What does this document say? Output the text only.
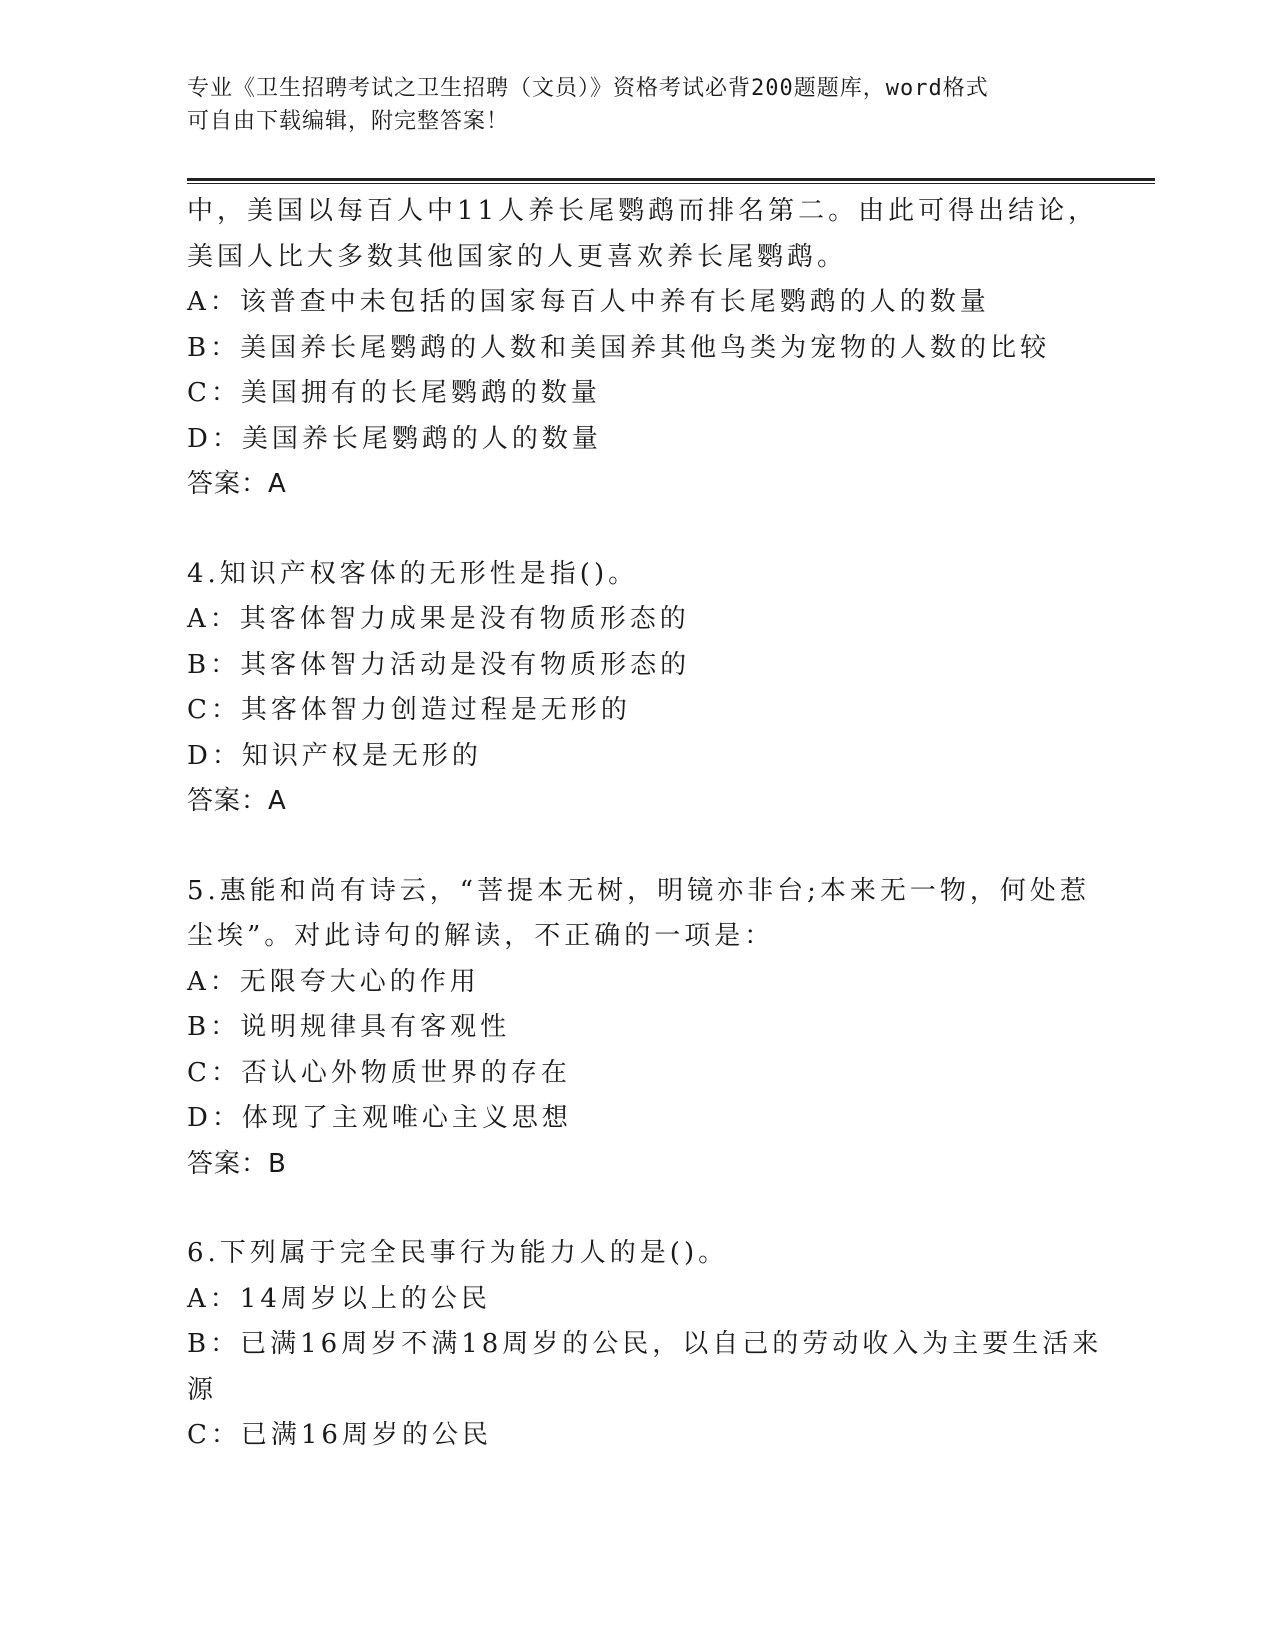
专业《卫生招聘考试之卫生招聘（文员）》资格考试必背200题题库，word格式
可自由下载编辑，附完整答案！
中，美国以每百人中11人养长尾鹦鹉而排名第二。由此可得出结论，
美国人比大多数其他国家的人更喜欢养长尾鹦鹉。
A：该普查中未包括的国家每百人中养有长尾鹦鹉的人的数量
B：美国养长尾鹦鹉的人数和美国养其他鸟类为宠物的人数的比较
C：美国拥有的长尾鹦鹉的数量
D：美国养长尾鹦鹉的人的数量
答案：A
4.知识产权客体的无形性是指()。
A：其客体智力成果是没有物质形态的
B：其客体智力活动是没有物质形态的
C：其客体智力创造过程是无形的
D：知识产权是无形的
答案：A
5.惠能和尚有诗云，“菩提本无树，明镜亦非台;本来无一物，何处惹
尘埃”。对此诗句的解读，不正确的一项是：
A：无限夸大心的作用
B：说明规律具有客观性
C：否认心外物质世界的存在
D：体现了主观唯心主义思想
答案：B
6.下列属于完全民事行为能力人的是()。
A：14周岁以上的公民
B：已满16周岁不满18周岁的公民，以自己的劳动收入为主要生活来
源
C：已满16周岁的公民
